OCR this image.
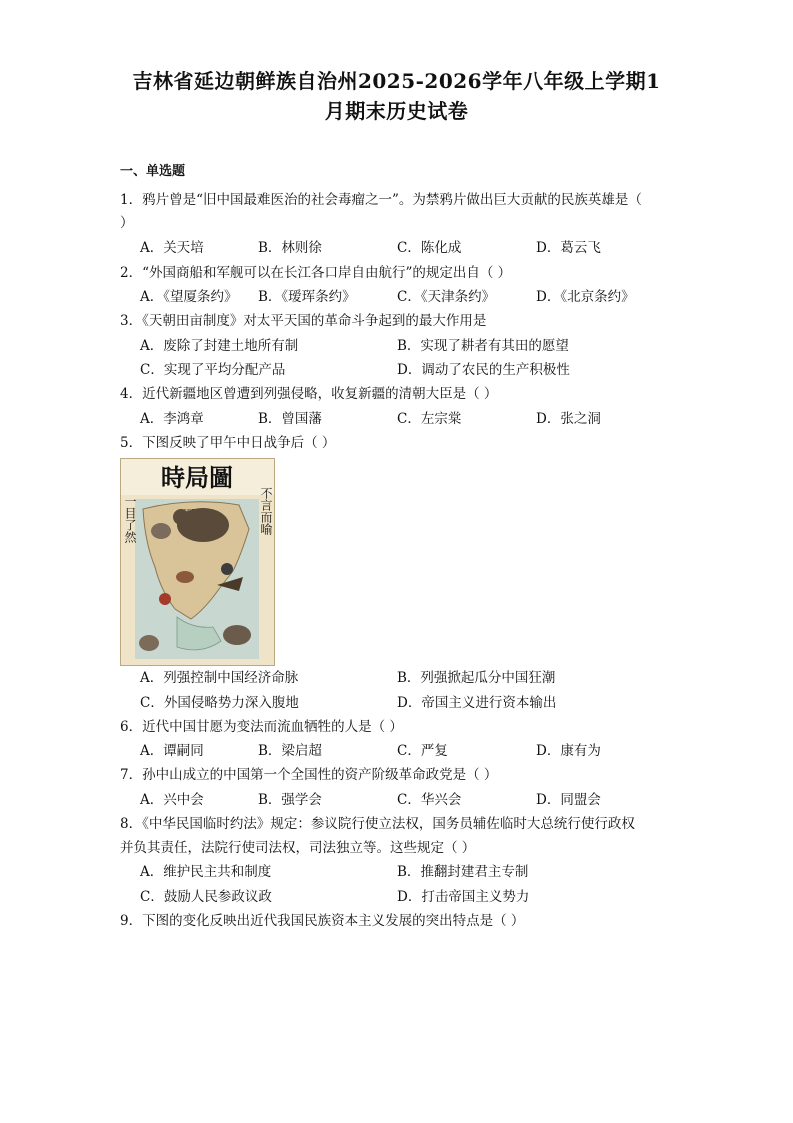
吉林省延边朝鲜族自治州2025-2026学年八年级上学期1
月期末历史试卷
一、单选题
1．鸦片曾是“旧中国最难医治的社会毒瘤之一”。为禁鸦片做出巨大贡献的民族英雄是（
）
A．关天培	B．林则徐	C．陈化成	D．葛云飞
2．“外国商船和军舰可以在长江各口岸自由航行”的规定出自（ ）
A．《望厦条约》 B．《瑷珲条约》	C．《天津条约》	D．《北京条约》
3．《天朝田亩制度》对太平天国的革命斗争起到的最大作用是
A．废除了封建土地所有制	B．实现了耕者有其田的愿望
C．实现了平均分配产品	D．调动了农民的生产积极性
4．近代新疆地区曾遭到列强侵略，收复新疆的清朝大臣是（ ）
A．李鸿章	B．曾国藩	C．左宗棠	D．张之洞
5．下图反映了甲午中日战争后（ ）
時局圖
一目了然	不言而喻
A．列强控制中国经济命脉	B．列强掀起瓜分中国狂潮
C．外国侵略势力深入腹地	D．帝国主义进行资本输出
6．近代中国甘愿为变法而流血牺牲的人是（ ）
A．谭嗣同	B．梁启超	C．严复	D．康有为
7．孙中山成立的中国第一个全国性的资产阶级革命政党是（ ）
A．兴中会	B．强学会	C．华兴会	D．同盟会
8．《中华民国临时约法》规定：参议院行使立法权，国务员辅佐临时大总统行使行政权
并负其责任，法院行使司法权，司法独立等。这些规定（ ）
A．维护民主共和制度	B．推翻封建君主专制
C．鼓励人民参政议政	D．打击帝国主义势力
9．下图的变化反映出近代我国民族资本主义发展的突出特点是（ ）
